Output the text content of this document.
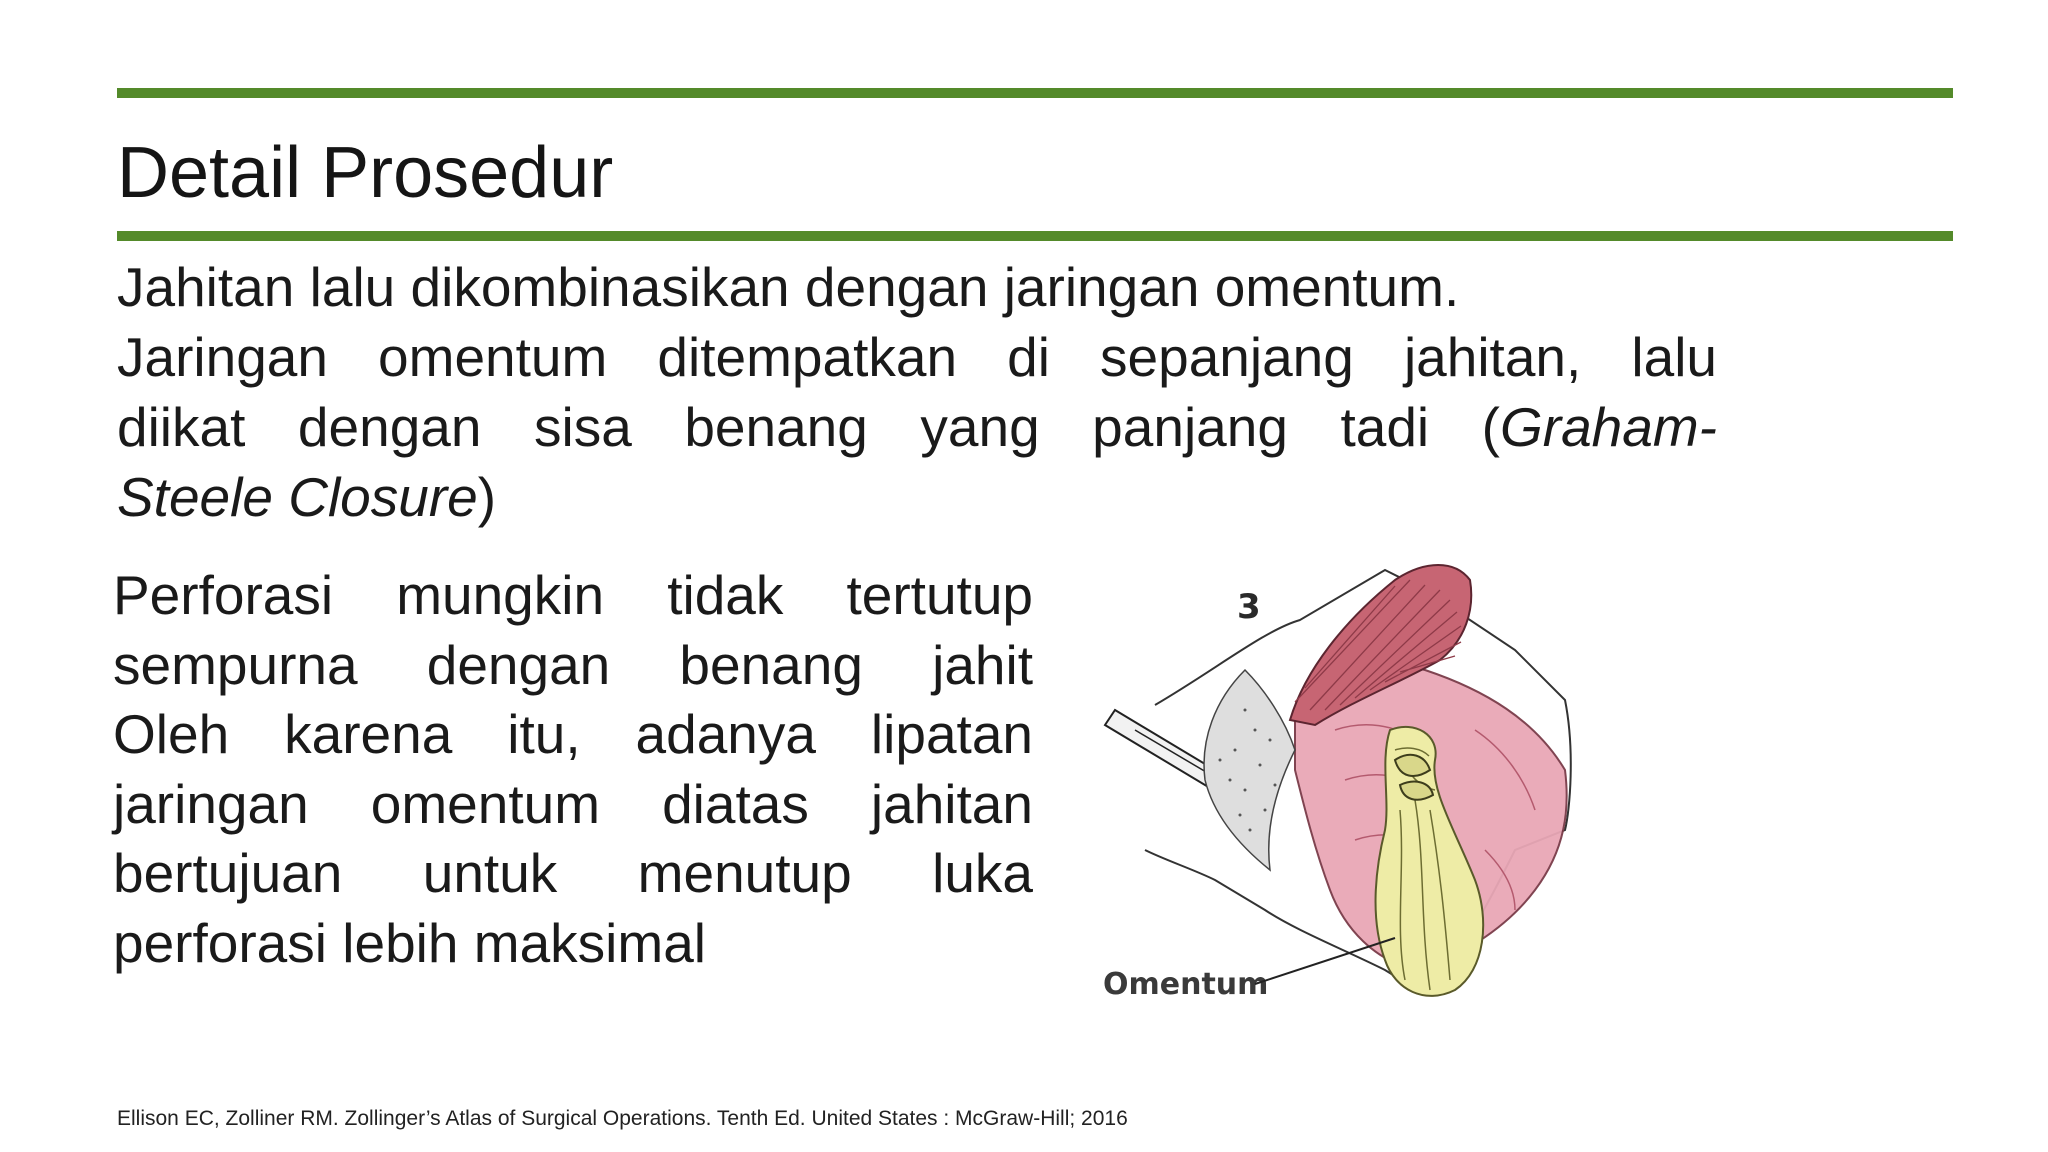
Detail Prosedur

Jahitan lalu dikombinasikan dengan jaringan omentum.
Jaringan omentum ditempatkan di sepanjang jahitan, lalu
diikat dengan sisa benang yang panjang tadi (Graham-
Steele Closure)

Perforasi mungkin tidak tertutup
sempurna dengan benang jahit
Oleh karena itu, adanya lipatan
jaringan omentum diatas jahitan
bertujuan untuk menutup luka
perforasi lebih maksimal

3
Omentum

Ellison EC, Zolliner RM. Zollinger’s Atlas of Surgical Operations. Tenth Ed. United States : McGraw-Hill; 2016
